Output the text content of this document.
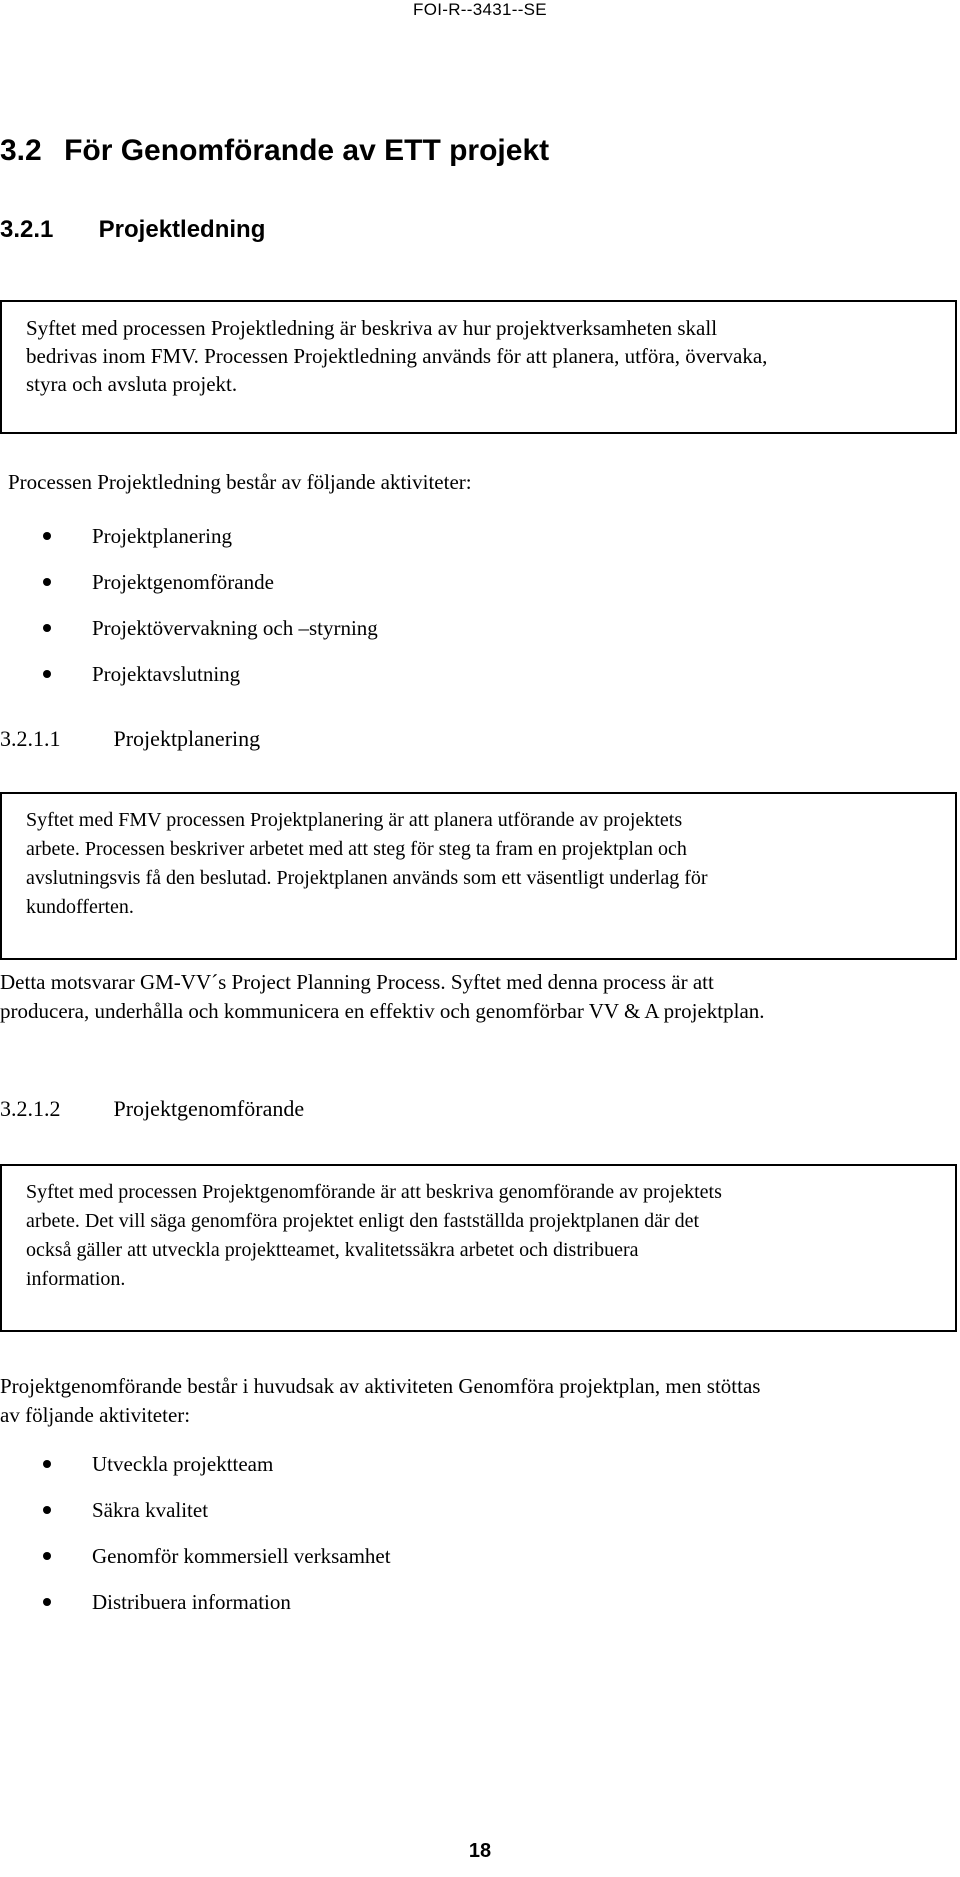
FOI-R--3431--SE
3.2 För Genomförande av ETT projekt
3.2.1 Projektledning

Syftet med processen Projektledning är beskriva av hur projektverksamheten skall

bedrivas inom FMV. Processen Projektledning används för att planera, utföra, övervaka,

styra och avsluta projekt.

Processen Projektledning består av följande aktiviteter:
Projektplanering
Projektgenomförande
Projektövervakning och –styrning
Projektavslutning
3.2.1.1 Projektplanering

Syftet med FMV processen Projektplanering är att planera utförande av projektets

arbete. Processen beskriver arbetet med att steg för steg ta fram en projektplan och

avslutningsvis få den beslutad. Projektplanen används som ett väsentligt underlag för

kundofferten.

Detta motsvarar GM-VV´s Project Planning Process. Syftet med denna process är att

producera, underhålla och kommunicera en effektiv och genomförbar VV & A projektplan.

3.2.1.2 Projektgenomförande

Syftet med processen Projektgenomförande är att beskriva genomförande av projektets

arbete. Det vill säga genomföra projektet enligt den fastställda projektplanen där det

också gäller att utveckla projektteamet, kvalitetssäkra arbetet och distribuera

information.

Projektgenomförande består i huvudsak av aktiviteten Genomföra projektplan, men stöttas

av följande aktiviteter:

Utveckla projektteam
Säkra kvalitet
Genomför kommersiell verksamhet
Distribuera information
18
